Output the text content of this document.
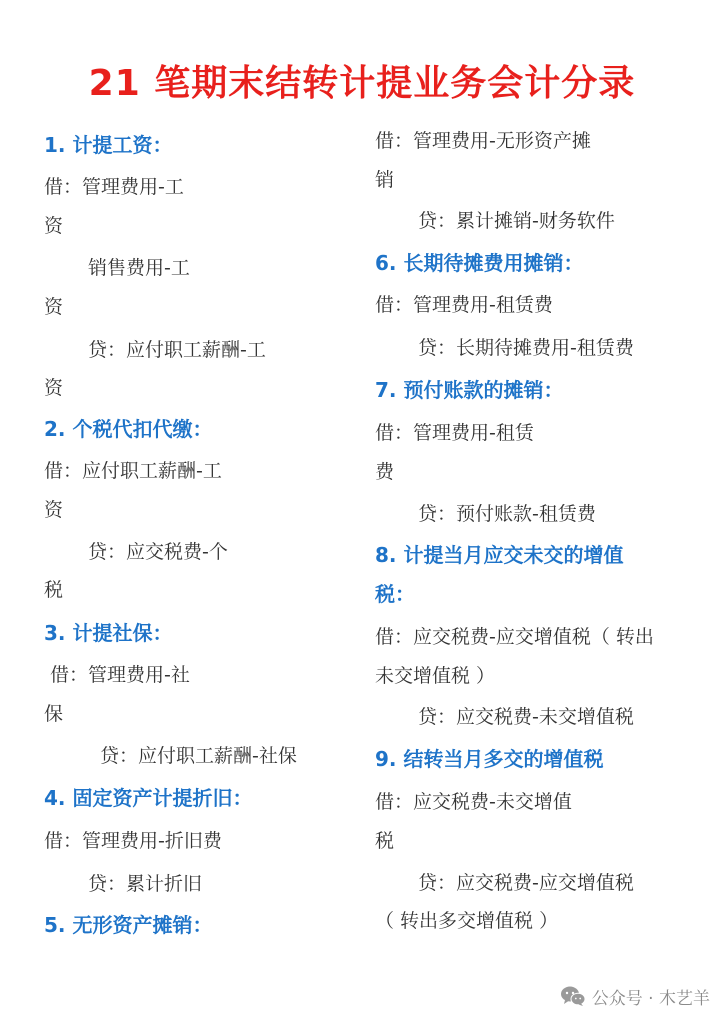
21 笔期末结转计提业务会计分录
1. 计提工资：
借：管理费用-工
资
销售费用-工
资
贷：应付职工薪酬-工
资
2. 个税代扣代缴：
借：应付职工薪酬-工
资
贷：应交税费-个
税
3. 计提社保：
借：管理费用-社
保
贷：应付职工薪酬-社保
4. 固定资产计提折旧：
借：管理费用-折旧费
贷：累计折旧
5. 无形资产摊销：
借：管理费用-无形资产摊
销
贷：累计摊销-财务软件
6. 长期待摊费用摊销：
借：管理费用-租赁费
贷：长期待摊费用-租赁费
7. 预付账款的摊销：
借：管理费用-租赁
费
贷：预付账款-租赁费
8. 计提当月应交未交的增值
税：
借：应交税费-应交增值税（ 转出
未交增值税 ）
贷：应交税费-未交增值税
9. 结转当月多交的增值税
借：应交税费-未交增值
税
贷：应交税费-应交增值税
（ 转出多交增值税 ）
公众号 · 木艺羊
